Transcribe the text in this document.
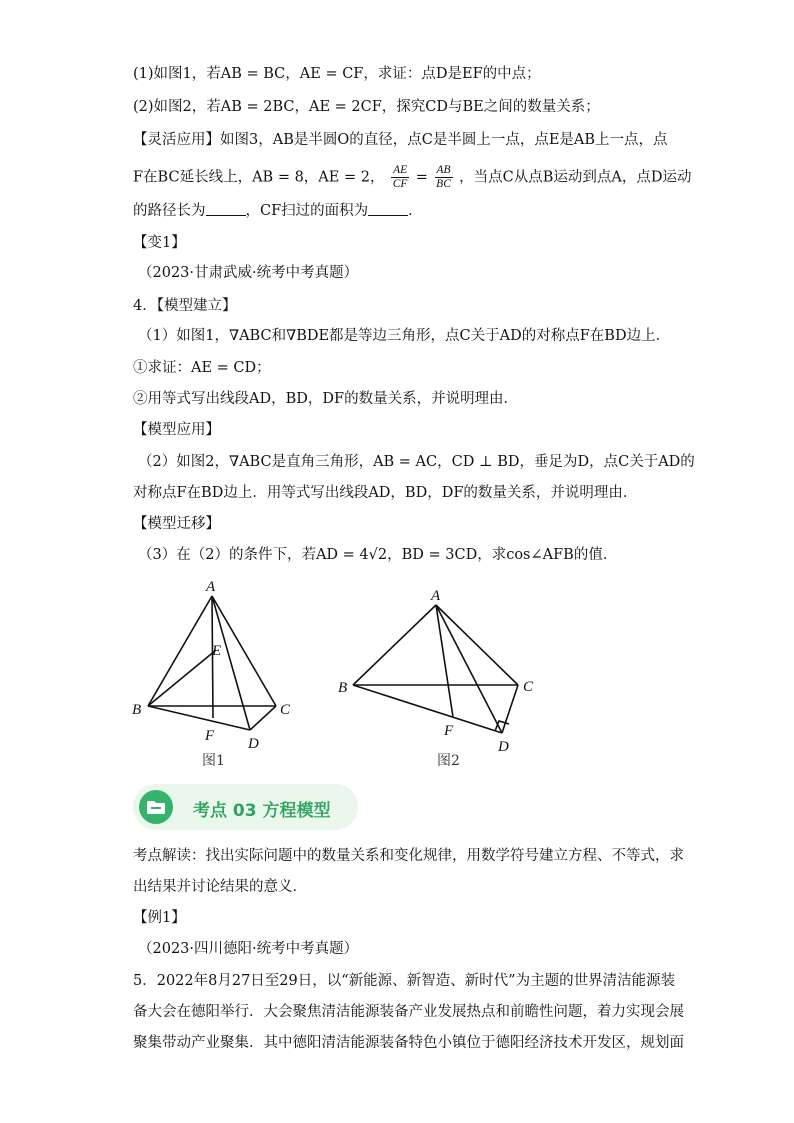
(1)如图1，若AB = BC，AE = CF，求证：点D是EF的中点；
(2)如图2，若AB = 2BC，AE = 2CF，探究CD与BE之间的数量关系；
【灵活应用】如图3，AB是半圆O的直径，点C是半圆上一点，点E是AB上一点，点
F在BC延长线上，AB = 8，AE = 2， $\frac{AE}{CF} = \frac{AB}{BC}$ ，当点C从点B运动到点A，点D运动
的路径长为	，CF扫过的面积为	．
【变1】
（2023·甘肃武威·统考中考真题）
4．【模型建立】
（1）如图1，∇ABC和∇BDE都是等边三角形，点C关于AD的对称点F在BD边上．
①求证：AE = CD；
②用等式写出线段AD，BD，DF的数量关系，并说明理由．
【模型应用】
（2）如图2，∇ABC是直角三角形，AB = AC，CD ⊥ BD，垂足为D，点C关于AD的
对称点F在BD边上．用等式写出线段AD，BD，DF的数量关系，并说明理由．
【模型迁移】
（3）在（2）的条件下，若AD = 4√2，BD = 3CD，求cos∠AFB的值．
A
E
B	C
F D
图1
A
B	C
F
D
图2
考点 03 方程模型
考点解读：找出实际问题中的数量关系和变化规律，用数学符号建立方程、不等式，求
出结果并讨论结果的意义．
【例1】
（2023·四川德阳·统考中考真题）
5．2022年8月27日至29日，以“新能源、新智造、新时代”为主题的世界清洁能源装
备大会在德阳举行．大会聚焦清洁能源装备产业发展热点和前瞻性问题，着力实现会展
聚集带动产业聚集．其中德阳清洁能源装备特色小镇位于德阳经济技术开发区，规划面
